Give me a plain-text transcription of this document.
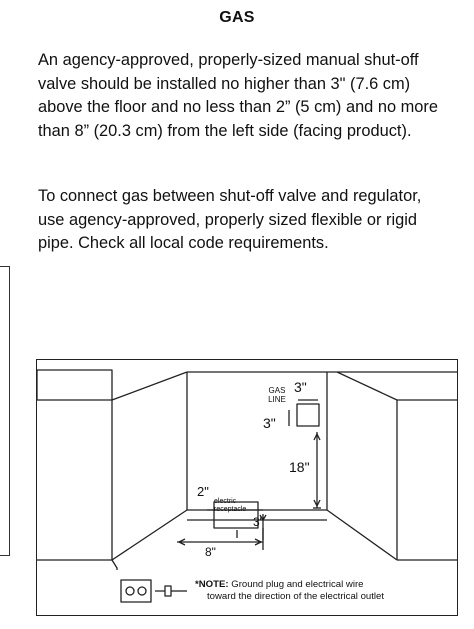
GAS

An agency-approved, properly-sized manual shut-off valve should be installed no higher than 3" (7.6 cm) above the floor and no less than 2” (5 cm) and no more than 8” (20.3 cm) from the left side (facing product).

To connect gas between shut-off valve and regulator, use agency-approved, properly sized flexible or rigid pipe. Check all local code requirements.

GAS
LINE
3"
3"
18"
2"
electric
receptacle
3"
8"
*NOTE: Ground plug and electrical wire
toward the direction of the electrical outlet
